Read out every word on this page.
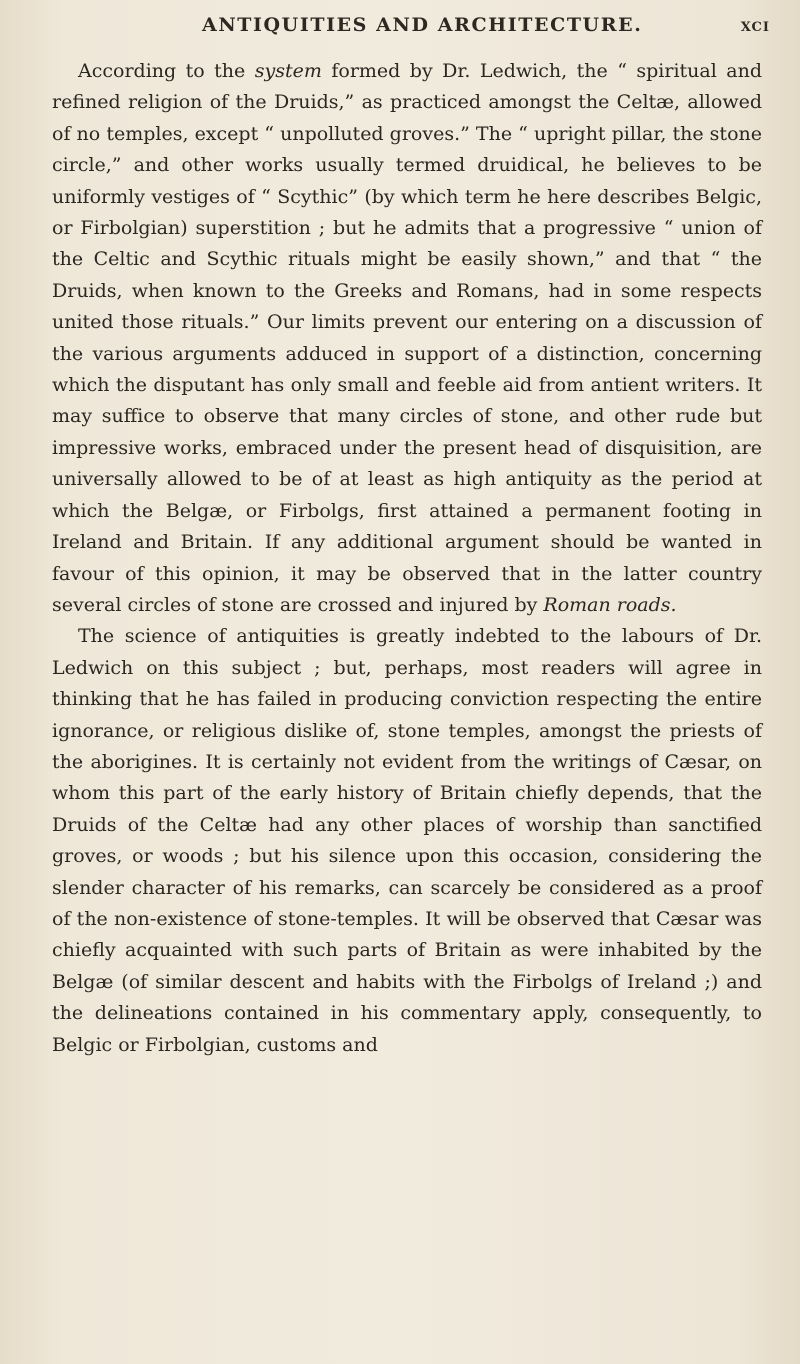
ANTIQUITIES AND ARCHITECTURE.	xci

According to the system formed by Dr. Ledwich, the “ spiritual and refined religion of the Druids,” as practiced amongst the Celtæ, allowed of no temples, except “ unpolluted groves.” The “ upright pillar, the stone circle,” and other works usually termed druidical, he believes to be uniformly vestiges of “ Scythic” (by which term he here describes Belgic, or Firbolgian) superstition ; but he admits that a progressive “ union of the Celtic and Scythic rituals might be easily shown,” and that “ the Druids, when known to the Greeks and Romans, had in some respects united those rituals.” Our limits prevent our entering on a discussion of the various arguments adduced in support of a distinction, concerning which the disputant has only small and feeble aid from antient writers. It may suffice to observe that many circles of stone, and other rude but impressive works, embraced under the present head of disquisition, are universally allowed to be of at least as high antiquity as the period at which the Belgæ, or Firbolgs, first attained a permanent footing in Ireland and Britain. If any additional argument should be wanted in favour of this opinion, it may be observed that in the latter country several circles of stone are crossed and injured by Roman roads.

The science of antiquities is greatly indebted to the labours of Dr. Ledwich on this subject ; but, perhaps, most readers will agree in thinking that he has failed in producing conviction respecting the entire ignorance, or religious dislike of, stone temples, amongst the priests of the aborigines. It is certainly not evident from the writings of Cæsar, on whom this part of the early history of Britain chiefly depends, that the Druids of the Celtæ had any other places of worship than sanctified groves, or woods ; but his silence upon this occasion, considering the slender character of his remarks, can scarcely be considered as a proof of the non-existence of stone-temples. It will be observed that Cæsar was chiefly acquainted with such parts of Britain as were inhabited by the Belgæ (of similar descent and habits with the Firbolgs of Ireland ;) and the delineations contained in his commentary apply, consequently, to Belgic or Firbolgian, customs and
